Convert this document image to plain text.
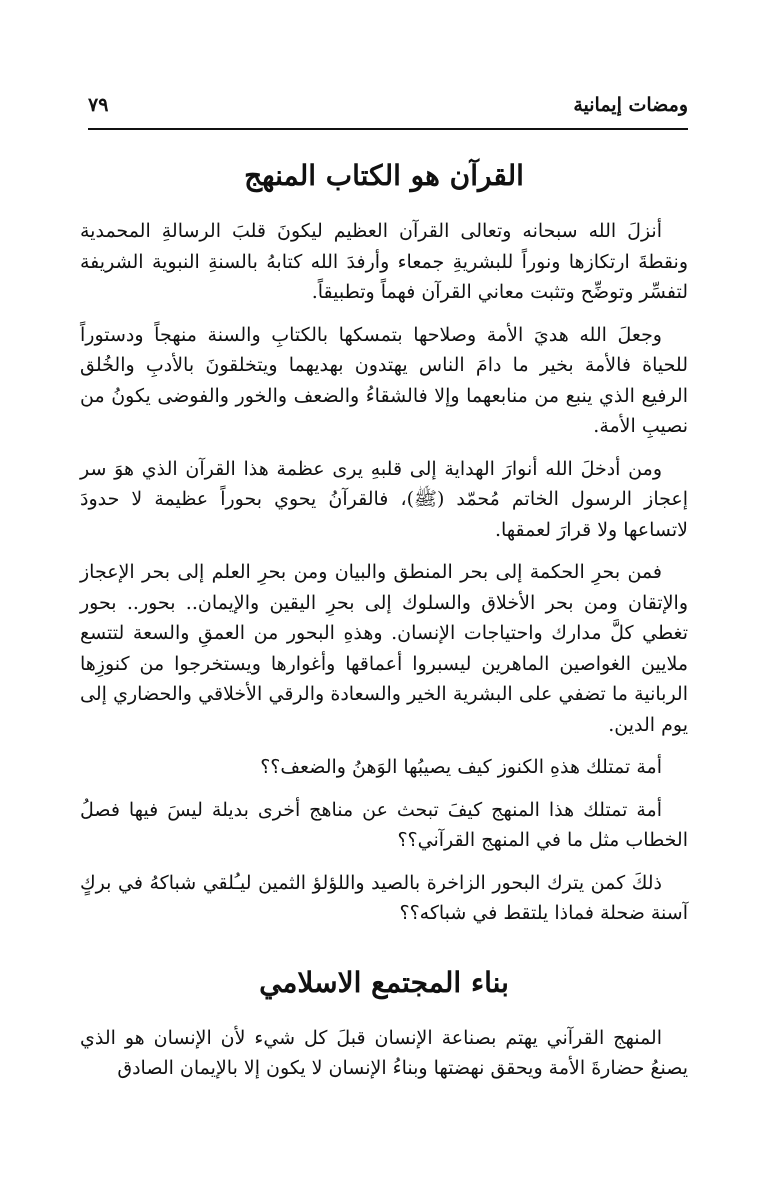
ومضات إيمانية
٧٩
القرآن هو الكتاب المنهج

أنزلَ الله سبحانه وتعالى القرآن العظيم ليكونَ قلبَ الرسالةِ المحمدية ونقطةَ ارتكازها ونوراً للبشريةِ جمعاء وأرفدَ الله كتابهُ بالسنةِ النبوية الشريفة لتفسِّر وتوضِّح وتثبت معاني القرآن فهماً وتطبيقاً.

وجعلَ الله هديَ الأمة وصلاحها بتمسكها بالكتابِ والسنة منهجاً ودستوراً للحياة فالأمة بخير ما دامَ الناس يهتدون بهديهما ويتخلقونَ بالأدبِ والخُلق الرفيع الذي ينبع من منابعهما وإلا فالشقاءُ والضعف والخور والفوضى يكونُ من نصيبِ الأمة.

ومن أدخلَ الله أنوارَ الهداية إلى قلبهِ يرى عظمة هذا القرآن الذي هوَ سر إعجاز الرسول الخاتم مُحمّد (ﷺ)، فالقرآنُ يحوي بحوراً عظيمة لا حدودَ لاتساعها ولا قرارَ لعمقها.

فمن بحرِ الحكمة إلى بحر المنطق والبيان ومن بحرِ العلم إلى بحر الإعجاز والإتقان ومن بحر الأخلاق والسلوك إلى بحرِ اليقين والإيمان.. بحور.. بحور تغطي كلَّ مدارك واحتياجات الإنسان. وهذهِ البحور من العمقِ والسعة لتتسع ملايين الغواصين الماهرين ليسبروا أعماقها وأغوارها ويستخرجوا من كنوزِها الربانية ما تضفي على البشرية الخير والسعادة والرقي الأخلاقي والحضاري إلى يوم الدين.

أمة تمتلك هذهِ الكنوز كيف يصيبُها الوَهنُ والضعف؟؟

أمة تمتلك هذا المنهج كيفَ تبحث عن مناهج أخرى بديلة ليسَ فيها فصلُ الخطاب مثل ما في المنهج القرآني؟؟

ذلكَ كمن يترك البحور الزاخرة بالصيد واللؤلؤ الثمين ليـُلقي شباكهُ في بركٍ آسنة ضحلة فماذا يلتقط في شباكه؟؟

بناء المجتمع الاسلامي

المنهج القرآني يهتم بصناعة الإنسان قبلَ كل شيء لأن الإنسان هو الذي يصنعُ حضارةَ الأمة ويحقق نهضتها وبناءُ الإنسان لا يكون إلا بالإيمان الصادق
